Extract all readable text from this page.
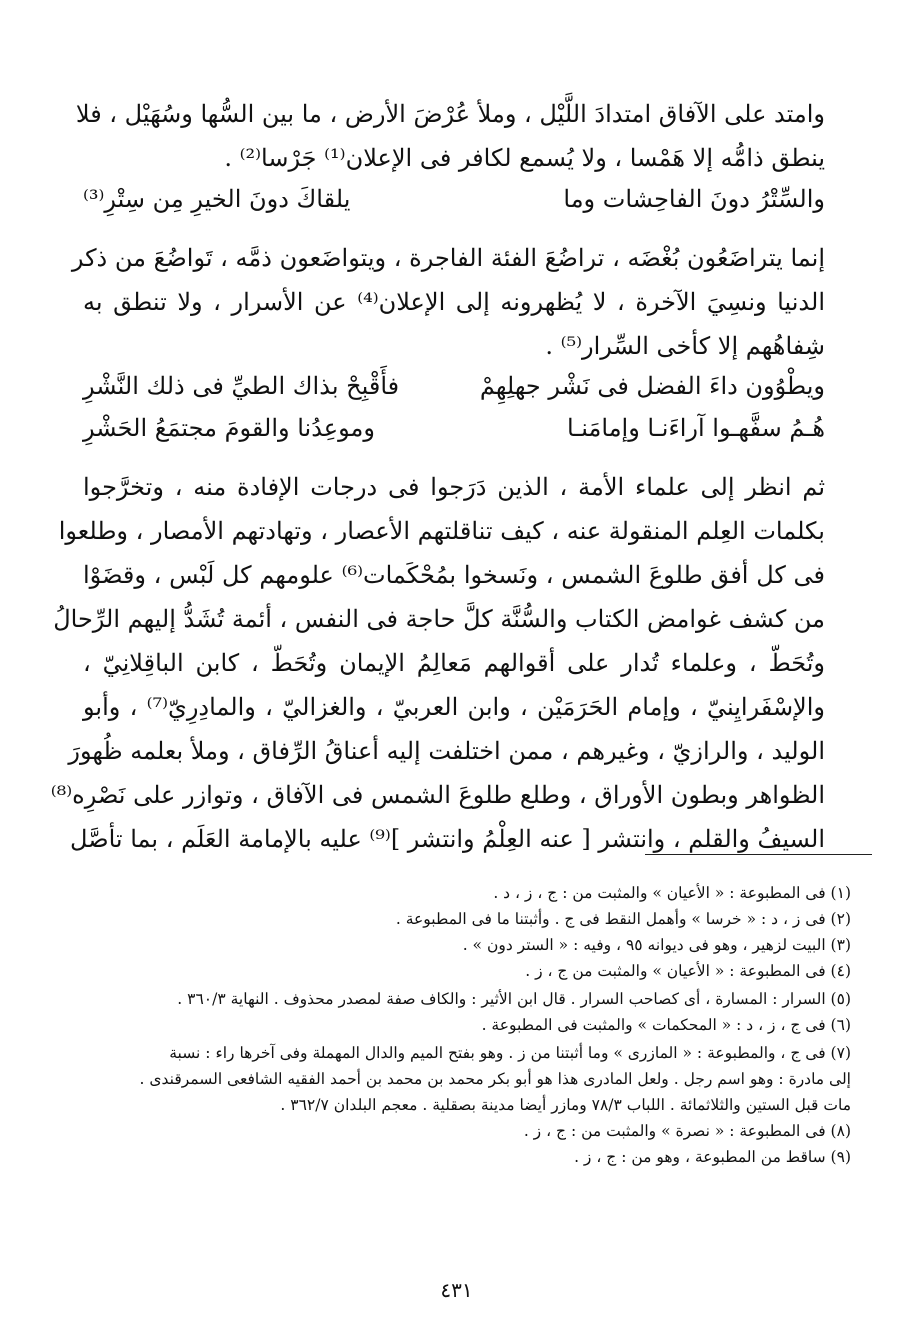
وامتد على الآفاق امتدادَ اللَّيْل ، وملأ عُرْضَ الأرض ، ما بين السُّها وسُهَيْل ، فلا
ينطق ذامُّه إلا هَمْسا ، ولا يُسمع لكافر فى الإعلان⁽¹⁾ جَرْسا⁽²⁾ .
والسِّتْرُ دونَ الفاحِشات وما
يلقاكَ دونَ الخيرِ مِن سِتْرِ⁽³⁾
إنما يتراضَعُون بُغْضَه ، تراضُعَ الفئة الفاجرة ، ويتواضَعون ذمَّه ، تَواضُعَ من ذكر
الدنيا ونسِيَ الآخرة ، لا يُظهرونه إلى الإعلان⁽⁴⁾ عن الأسرار ، ولا تنطق به
شِفاهُهم إلا كأخى السِّرار⁽⁵⁾ .
ويطْوُون داءَ الفضل فى نَشْر جهلِهِمْ
فأَقْبِحْ بذاك الطيِّ فى ذلك النَّشْرِ
هُـمُ سفَّهـوا آراءَنـا وإمامَنـا
وموعِدُنا والقومَ مجتمَعُ الحَشْرِ
ثم انظر إلى علماء الأمة ، الذين دَرَجوا فى درجات الإفادة منه ، وتخرَّجوا
بكلمات العِلم المنقولة عنه ، كيف تناقلتهم الأعصار ، وتهادتهم الأمصار ، وطلعوا
فى كل أفق طلوعَ الشمس ، ونَسخوا بمُحْكَمات⁽⁶⁾ علومهم كل لَبْس ، وقضَوْا
من كشف غوامض الكتاب والسُّنَّة كلَّ حاجة فى النفس ، أئمة تُشَدُّ إليهم الرِّحالُ
وتُحَطّ ، وعلماء تُدار على أقوالهم مَعالِمُ الإيمان وتُحَطّ ، كابن الباقِلانِيّ ،
والإسْفَرايِنيّ ، وإمام الحَرَمَيْن ، وابن العربيّ ، والغزاليّ ، والمادِرِيّ⁽⁷⁾ ، وأبو
الوليد ، والرازيّ ، وغيرهم ، ممن اختلفت إليه أعناقُ الرِّفاق ، وملأ بعلمه ظُهورَ
الظواهر وبطون الأوراق ، وطلع طلوعَ الشمس فى الآفاق ، وتوازر على نَصْرِه⁽⁸⁾
السيفُ والقلم ، وانتشر [ عنه العِلْمُ وانتشر ]⁽⁹⁾ عليه بالإمامة العَلَم ، بما تأصَّل
(١) فى المطبوعة : « الأعيان » والمثبت من : ج ، ز ، د .
(٢) فى ز ، د : « خرسا » وأهمل النقط فى ج . وأثبتنا ما فى المطبوعة .
(٣) البيت لزهير ، وهو فى ديوانه ٩٥ ، وفيه : « الستر دون » .
(٤) فى المطبوعة : « الأعيان » والمثبت من ج ، ز .
(٥) السرار : المسارة ، أى كصاحب السرار . قال ابن الأثير : والكاف صفة لمصدر محذوف . النهاية ٣٦٠/٣ .
(٦) فى ج ، ز ، د : « المحكمات » والمثبت فى المطبوعة .
(٧) فى ج ، والمطبوعة : « المازرى » وما أثبتنا من ز . وهو بفتح الميم والدال المهملة وفى آخرها راء : نسبة
إلى مادرة : وهو اسم رجل . ولعل المادرى هذا هو أبو بكر محمد بن محمد بن أحمد الفقيه الشافعى السمرقندى .
مات قبل الستين والثلاثمائة . اللباب ٧٨/٣ ومازر أيضا مدينة بصقلية . معجم البلدان ٣٦٢/٧ .
(٨) فى المطبوعة : « نصرة » والمثبت من : ج ، ز .
(٩) ساقط من المطبوعة ، وهو من : ج ، ز .
٤٣١
